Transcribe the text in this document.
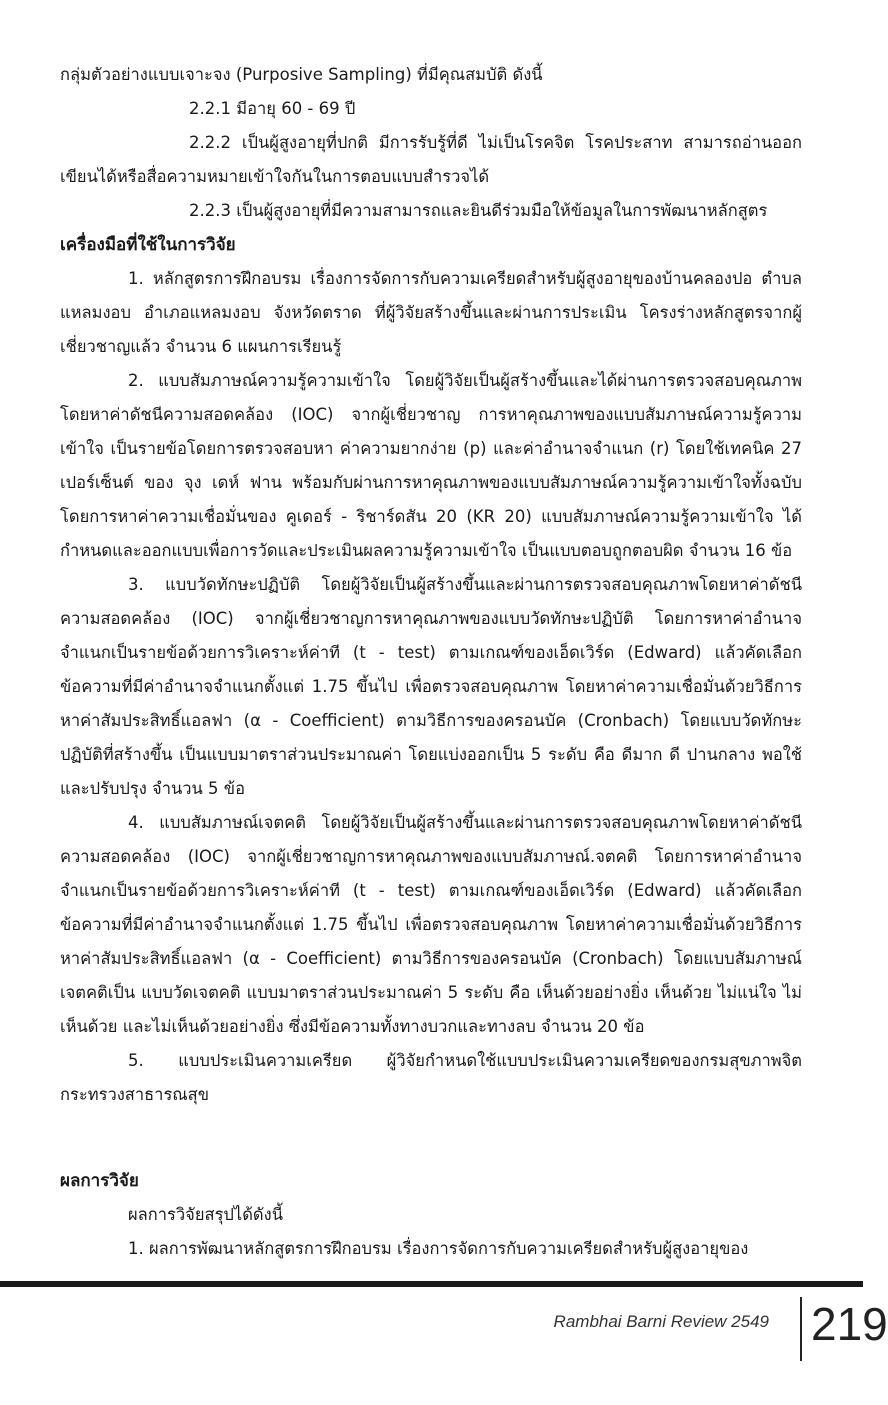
กลุ่มตัวอย่างแบบเจาะจง (Purposive Sampling) ที่มีคุณสมบัติ ดังนี้

2.2.1 มีอายุ 60 - 69 ปี

2.2.2 เป็นผู้สูงอายุที่ปกติ มีการรับรู้ที่ดี ไม่เป็นโรคจิต โรคประสาท สามารถอ่านออกเขียนได้หรือสื่อความหมายเข้าใจกันในการตอบแบบสำรวจได้

2.2.3 เป็นผู้สูงอายุที่มีความสามารถและยินดีร่วมมือให้ข้อมูลในการพัฒนาหลักสูตร

เครื่องมือที่ใช้ในการวิจัย

1. หลักสูตรการฝึกอบรม เรื่องการจัดการกับความเครียดสำหรับผู้สูงอายุของบ้านคลองปอ ตำบลแหลมงอบ อำเภอแหลมงอบ จังหวัดตราด ที่ผู้วิจัยสร้างขึ้นและผ่านการประเมิน โครงร่างหลักสูตรจากผู้เชี่ยวชาญแล้ว จำนวน 6 แผนการเรียนรู้

2. แบบสัมภาษณ์ความรู้ความเข้าใจ โดยผู้วิจัยเป็นผู้สร้างขึ้นและได้ผ่านการตรวจสอบคุณภาพโดยหาค่าดัชนีความสอดคล้อง (IOC) จากผู้เชี่ยวชาญ การหาคุณภาพของแบบสัมภาษณ์ความรู้ความเข้าใจ เป็นรายข้อโดยการตรวจสอบหา ค่าความยากง่าย (p) และค่าอำนาจจำแนก (r) โดยใช้เทคนิค 27 เปอร์เซ็นต์ ของ จุง เดห์ ฟาน พร้อมกับผ่านการหาคุณภาพของแบบสัมภาษณ์ความรู้ความเข้าใจทั้งฉบับ โดยการหาค่าความเชื่อมั่นของ คูเดอร์ - ริชาร์ดสัน 20 (KR 20) แบบสัมภาษณ์ความรู้ความเข้าใจ ได้กำหนดและออกแบบเพื่อการวัดและประเมินผลความรู้ความเข้าใจ เป็นแบบตอบถูกตอบผิด จำนวน 16 ข้อ

3. แบบวัดทักษะปฏิบัติ โดยผู้วิจัยเป็นผู้สร้างขึ้นและผ่านการตรวจสอบคุณภาพโดยหาค่าดัชนีความสอดคล้อง (IOC) จากผู้เชี่ยวชาญการหาคุณภาพของแบบวัดทักษะปฏิบัติ โดยการหาค่าอำนาจจำแนกเป็นรายข้อด้วยการวิเคราะห์ค่าที (t - test) ตามเกณฑ์ของเอ็ดเวิร์ด (Edward) แล้วคัดเลือกข้อความที่มีค่าอำนาจจำแนกตั้งแต่ 1.75 ขึ้นไป เพื่อตรวจสอบคุณภาพ โดยหาค่าความเชื่อมั่นด้วยวิธีการหาค่าสัมประสิทธิ์แอลฟา (α - Coefficient) ตามวิธีการของครอนบัค (Cronbach) โดยแบบวัดทักษะปฏิบัติที่สร้างขึ้น เป็นแบบมาตราส่วนประมาณค่า โดยแบ่งออกเป็น 5 ระดับ คือ ดีมาก ดี ปานกลาง พอใช้ และปรับปรุง จำนวน 5 ข้อ

4. แบบสัมภาษณ์เจตคติ โดยผู้วิจัยเป็นผู้สร้างขึ้นและผ่านการตรวจสอบคุณภาพโดยหาค่าดัชนีความสอดคล้อง (IOC) จากผู้เชี่ยวชาญการหาคุณภาพของแบบสัมภาษณ์.จตคติ โดยการหาค่าอำนาจจำแนกเป็นรายข้อด้วยการวิเคราะห์ค่าที (t - test) ตามเกณฑ์ของเอ็ดเวิร์ด (Edward) แล้วคัดเลือกข้อความที่มีค่าอำนาจจำแนกตั้งแต่ 1.75 ขึ้นไป เพื่อตรวจสอบคุณภาพ โดยหาค่าความเชื่อมั่นด้วยวิธีการหาค่าสัมประสิทธิ์แอลฟา (α - Coefficient) ตามวิธีการของครอนบัค (Cronbach) โดยแบบสัมภาษณ์เจตคติเป็น แบบวัดเจตคติ แบบมาตราส่วนประมาณค่า 5 ระดับ คือ เห็นด้วยอย่างยิ่ง เห็นด้วย ไม่แน่ใจ ไม่เห็นด้วย และไม่เห็นด้วยอย่างยิ่ง ซึ่งมีข้อความทั้งทางบวกและทางลบ จำนวน 20 ข้อ

5. แบบประเมินความเครียด ผู้วิจัยกำหนดใช้แบบประเมินความเครียดของกรมสุขภาพจิต กระทรวงสาธารณสุข

ผลการวิจัย

ผลการวิจัยสรุปได้ดังนี้

1. ผลการพัฒนาหลักสูตรการฝึกอบรม เรื่องการจัดการกับความเครียดสำหรับผู้สูงอายุของ

Rambhai Barni Review 2549 219
